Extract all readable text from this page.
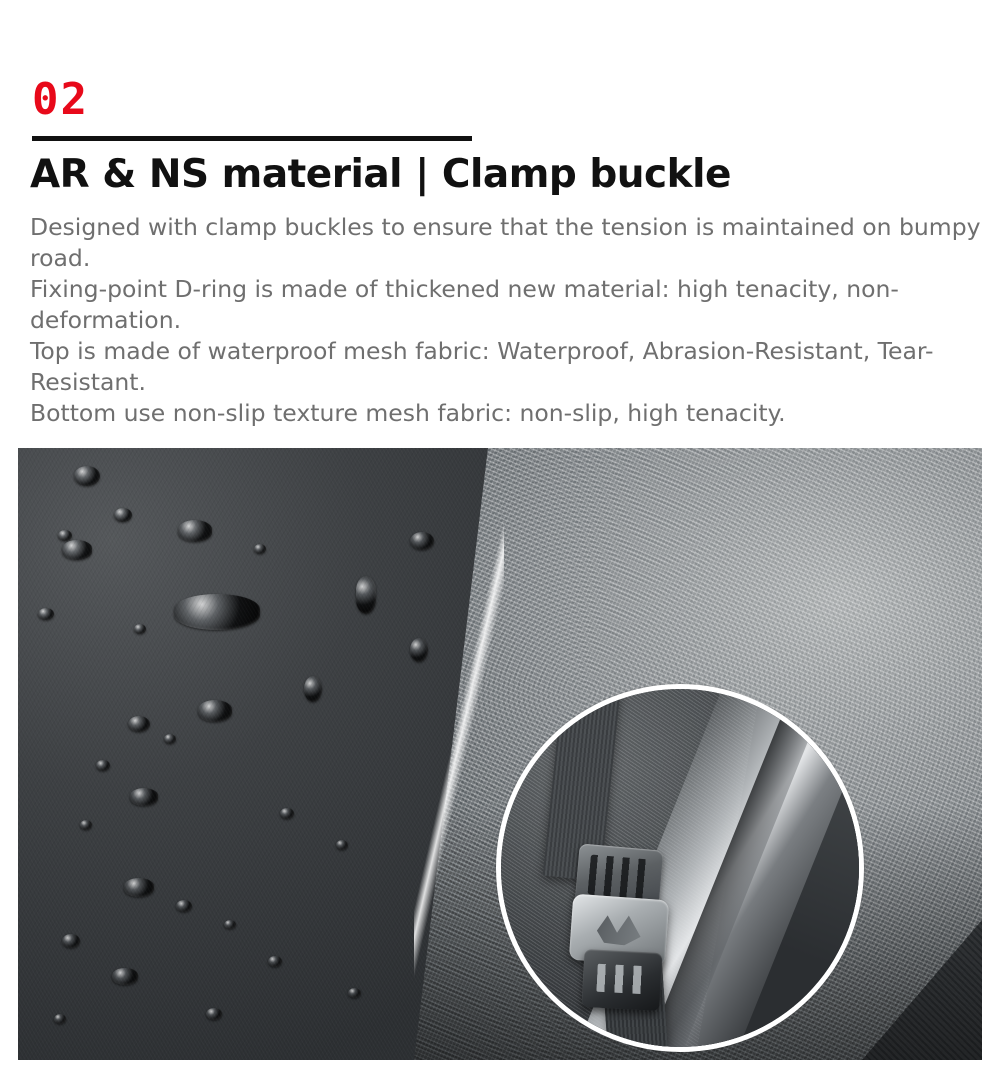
02
AR & NS material | Clamp buckle

Designed with clamp buckles to ensure that the tension is maintained on bumpy road.

Fixing-point D-ring is made of thickened new material: high tenacity, non-deformation.

Top is made of waterproof mesh fabric: Waterproof, Abrasion-Resistant, Tear-Resistant.

Bottom use non-slip texture mesh fabric: non-slip, high tenacity.
